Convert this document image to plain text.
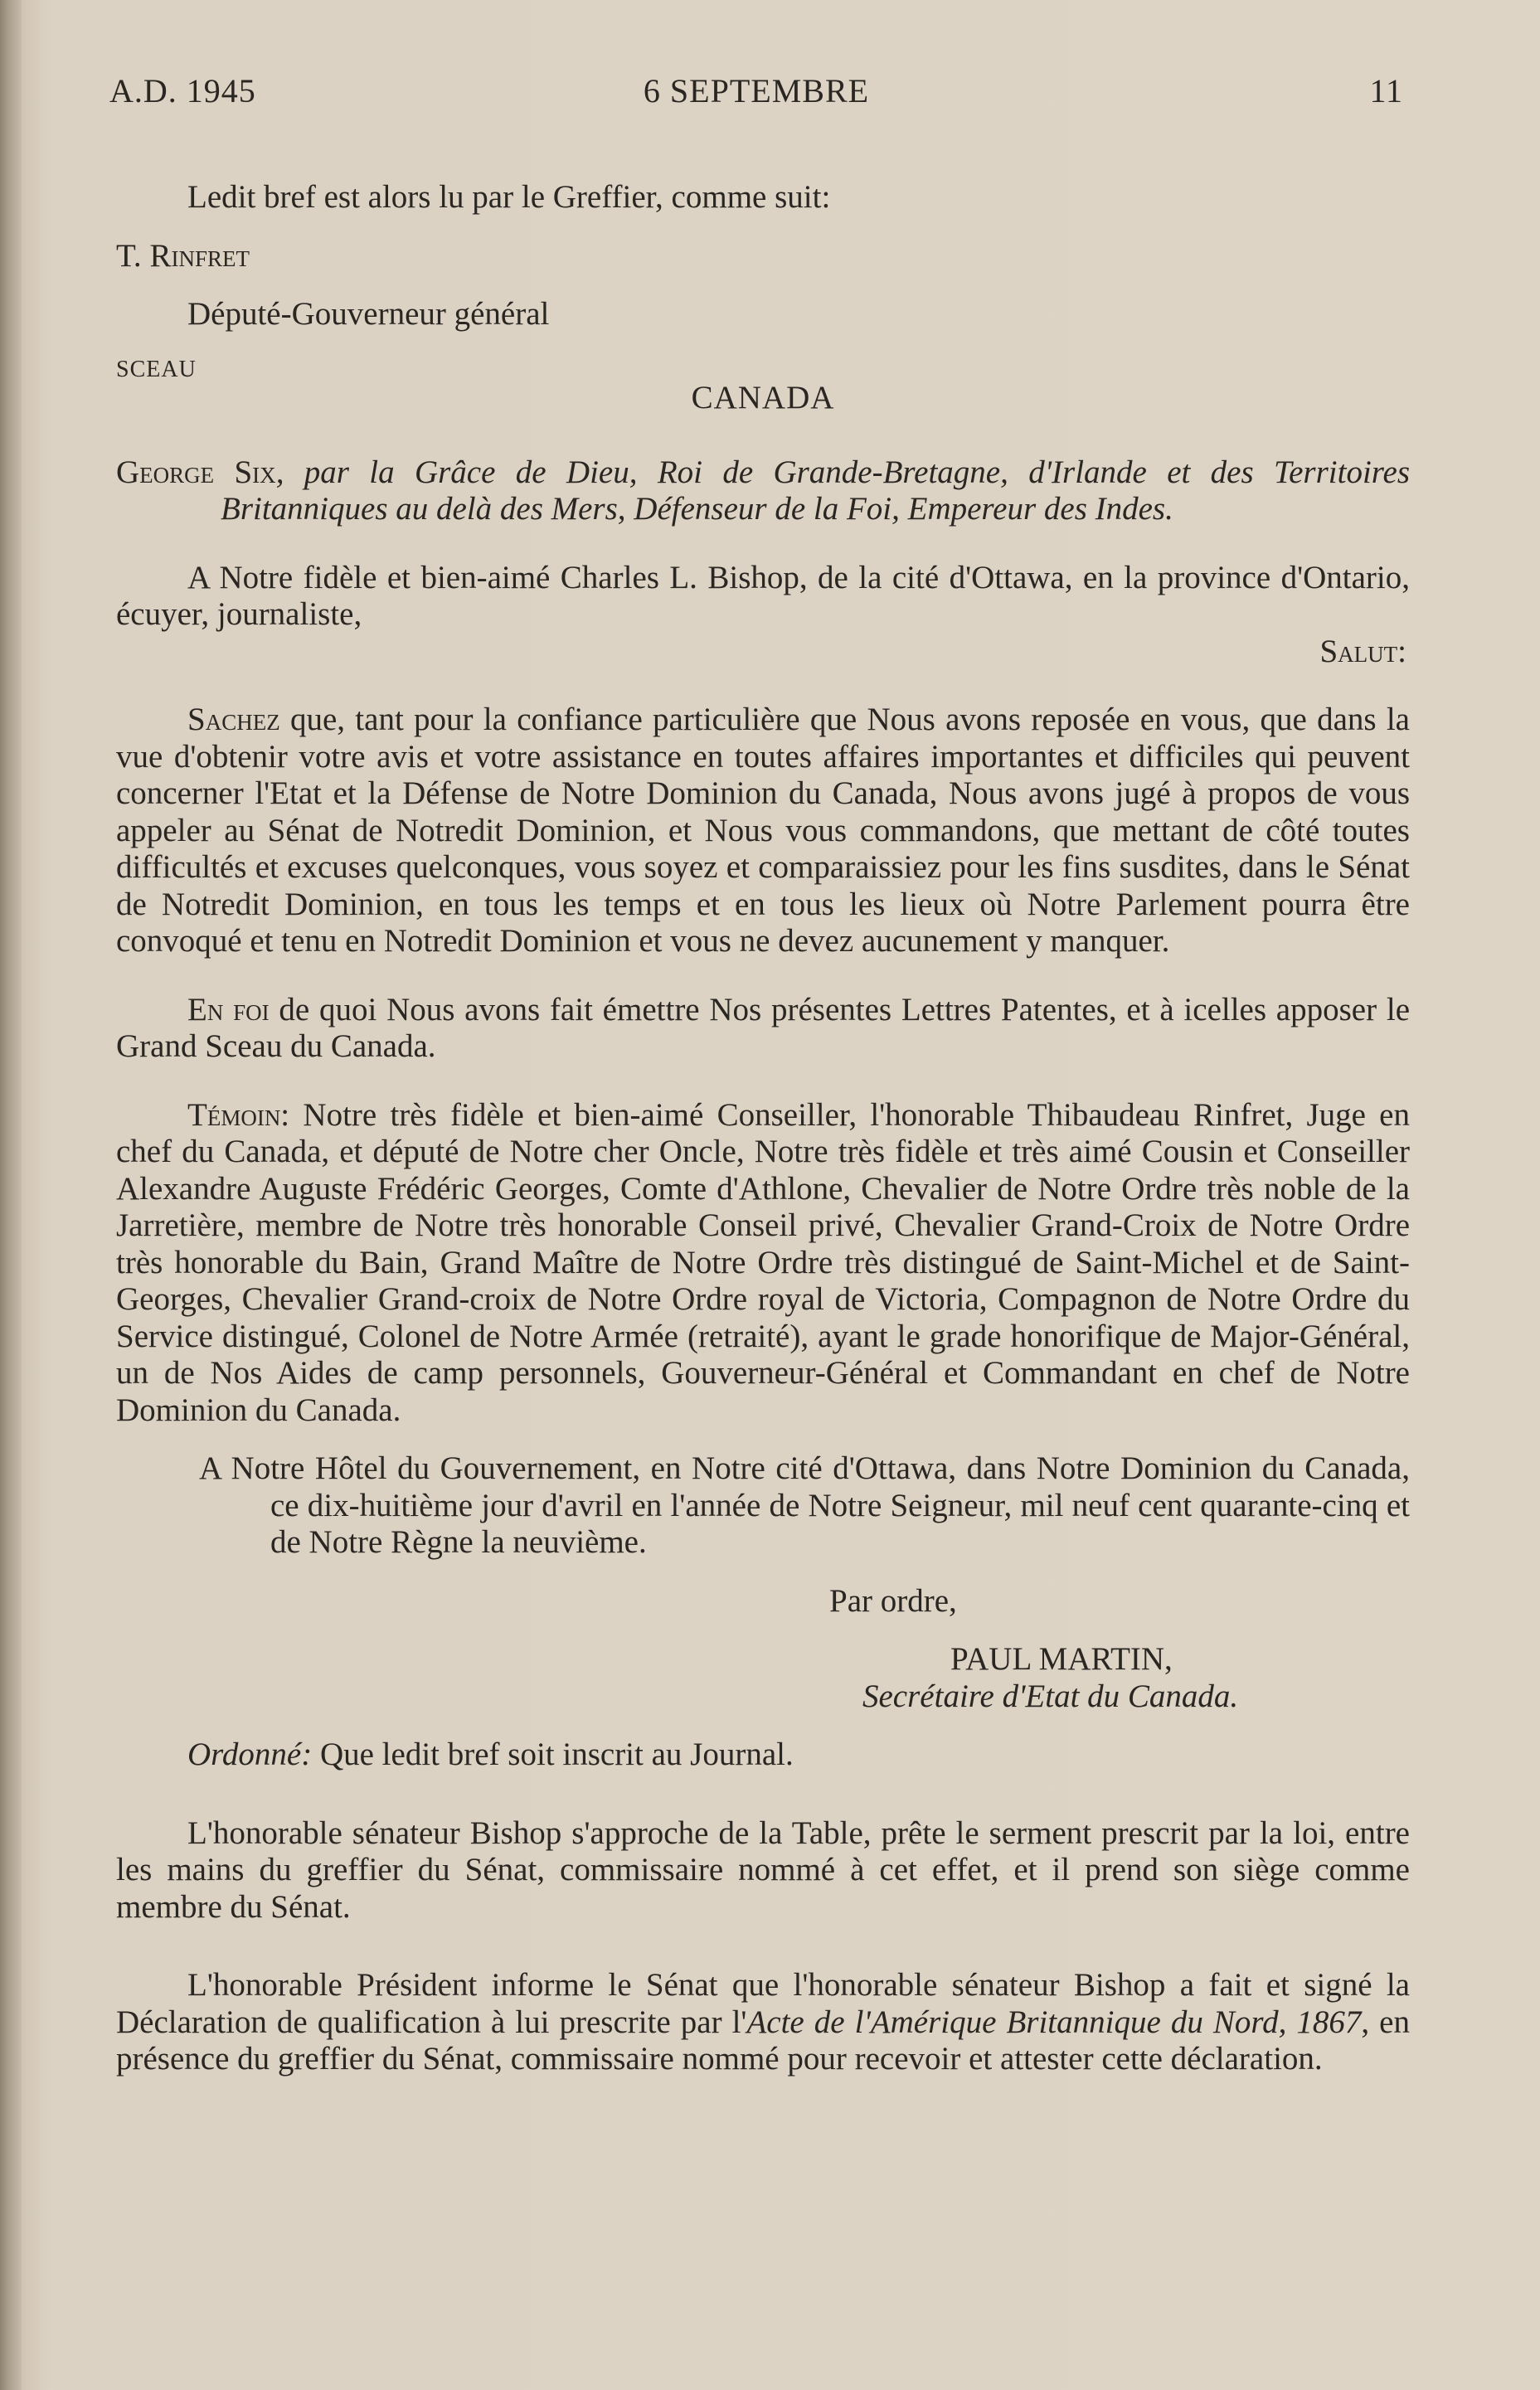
A.D. 1945	6 SEPTEMBRE	11

Ledit bref est alors lu par le Greffier, comme suit:

T. Rinfret

Député-Gouverneur général

SCEAU
CANADA

George Six, par la Grâce de Dieu, Roi de Grande-Bretagne, d'Irlande et des Territoires Britanniques au delà des Mers, Défenseur de la Foi, Empereur des Indes.

A Notre fidèle et bien-aimé Charles L. Bishop, de la cité d'Ottawa, en la province d'Ontario, écuyer, journaliste,

Salut:

Sachez que, tant pour la confiance particulière que Nous avons reposée en vous, que dans la vue d'obtenir votre avis et votre assistance en toutes affaires importantes et difficiles qui peuvent concerner l'Etat et la Défense de Notre Dominion du Canada, Nous avons jugé à propos de vous appeler au Sénat de Notredit Dominion, et Nous vous commandons, que mettant de côté toutes difficultés et excuses quelconques, vous soyez et comparaissiez pour les fins susdites, dans le Sénat de Notredit Dominion, en tous les temps et en tous les lieux où Notre Parlement pourra être convoqué et tenu en Notredit Dominion et vous ne devez aucunement y manquer.

En foi de quoi Nous avons fait émettre Nos présentes Lettres Patentes, et à icelles apposer le Grand Sceau du Canada.

Témoin: Notre très fidèle et bien-aimé Conseiller, l'honorable Thibaudeau Rinfret, Juge en chef du Canada, et député de Notre cher Oncle, Notre très fidèle et très aimé Cousin et Conseiller Alexandre Auguste Frédéric Georges, Comte d'Athlone, Chevalier de Notre Ordre très noble de la Jarretière, membre de Notre très honorable Conseil privé, Chevalier Grand-Croix de Notre Ordre très honorable du Bain, Grand Maître de Notre Ordre très distingué de Saint-Michel et de Saint-Georges, Chevalier Grand-croix de Notre Ordre royal de Victoria, Compagnon de Notre Ordre du Service distingué, Colonel de Notre Armée (retraité), ayant le grade honorifique de Major-Général, un de Nos Aides de camp personnels, Gouverneur-Général et Commandant en chef de Notre Dominion du Canada.

A Notre Hôtel du Gouvernement, en Notre cité d'Ottawa, dans Notre Dominion du Canada, ce dix-huitième jour d'avril en l'année de Notre Seigneur, mil neuf cent quarante-cinq et de Notre Règne la neuvième.

Par ordre,

PAUL MARTIN,

Secrétaire d'Etat du Canada.

Ordonné: Que ledit bref soit inscrit au Journal.

L'honorable sénateur Bishop s'approche de la Table, prête le serment prescrit par la loi, entre les mains du greffier du Sénat, commissaire nommé à cet effet, et il prend son siège comme membre du Sénat.

L'honorable Président informe le Sénat que l'honorable sénateur Bishop a fait et signé la Déclaration de qualification à lui prescrite par l'Acte de l'Amérique Britannique du Nord, 1867, en présence du greffier du Sénat, commissaire nommé pour recevoir et attester cette déclaration.
